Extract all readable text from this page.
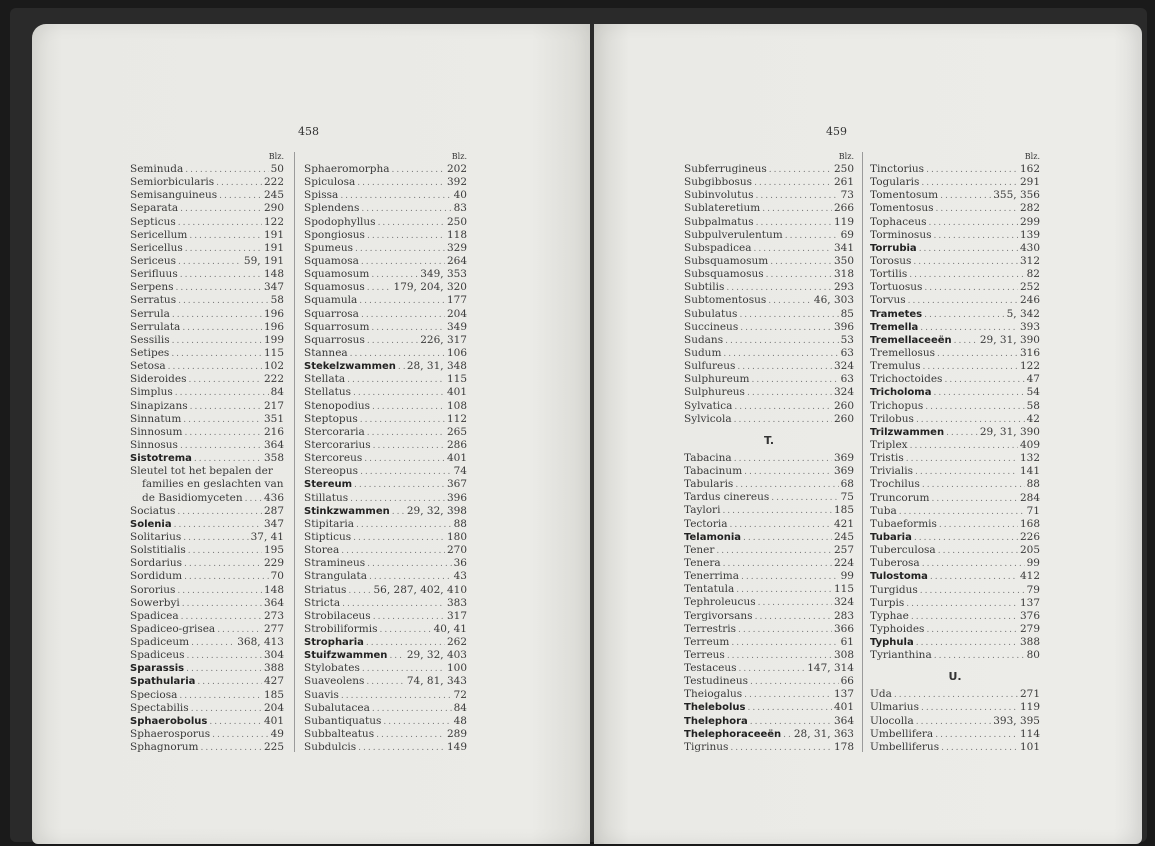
458
Blz.
Seminuda .....	50
Semiorbicularis .....	222
Semisanguineus .....	245
Separata .....	290
Septicus .....	122
Sericellum .....	191
Sericellus .....	191
Sericeus .....	59, 191
Serifluus .....	148
Serpens .....	347
Serratus .....	58
Serrula .....	196
Serrulata .....	196
Sessilis .....	199
Setipes .....	115
Setosa .....	102
Sideroides .....	222
Simplus .....	84
Sinapizans .....	217
Sinnatum .....	351
Sinnosum .....	216
Sinnosus .....	364
Sistotrema .....	358
Sleutel tot het bepalen der
families en geslachten van
de Basidiomyceten ..... 436
Sociatus .....	287
Solenia .....	347
Solitarius .....	37, 41
Solstitialis .....	195
Sordarius .....	229
Sordidum .....	70
Sororius .....	148
Sowerbyi .....	364
Spadicea .....	273
Spadiceo-grisea .....	277
Spadiceum .....	368, 413
Spadiceus .....	304
Sparassis .....	388
Spathularia .....	427
Speciosa .....	185
Spectabilis .....	204
Sphaerobolus .....	401
Sphaerosporus .....	49
Sphagnorum .....	225
Blz.
Sphaeromorpha .....	202
Spiculosa .....	392
Spissa .....	40
Splendens .....	83
Spodophyllus .....	250
Spongiosus .....	118
Spumeus .....	329
Squamosa .....	264
Squamosum .....	349, 353
Squamosus .....	179, 204, 320
Squamula .....	177
Squarrosa .....	204
Squarrosum .....	349
Squarrosus .....	226, 317
Stannea .....	106
Stekelzwammen ..... 28, 31, 348
Stellata .....	115
Stellatus .....	401
Stenopodius .....	108
Steptopus .....	112
Stercoraria .....	265
Stercorarius .....	286
Stercoreus .....	401
Stereopus .....	74
Stereum .....	367
Stillatus .....	396
Stinkzwammen ..... 29, 32, 398
Stipitaria .....	88
Stipticus .....	180
Storea .....	270
Stramineus .....	36
Strangulata .....	43
Striatus .....	56, 287, 402, 410
Stricta .....	383
Strobilaceus .....	317
Strobiliformis .....	40, 41
Stropharia .....	262
Stuifzwammen ..... 29, 32, 403
Stylobates .....	100
Suaveolens .....	74, 81, 343
Suavis .....	72
Subalutacea .....	84
Subantiquatus .....	48
Subbalteatus .....	289
Subdulcis .....	149
459
Blz.
Subferrugineus .....	250
Subgibbosus .....	261
Subinvolutus .....	73
Sublateretium .....	266
Subpalmatus .....	119
Subpulverulentum .....	69
Subspadicea .....	341
Subsquamosum .....	350
Subsquamosus .....	318
Subtilis .....	293
Subtomentosus .....	46, 303
Subulatus .....	85
Succineus .....	396
Sudans .....	53
Sudum .....	63
Sulfureus .....	324
Sulphureum .....	63
Sulphureus .....	324
Sylvatica .....	260
Sylvicola .....	260
T.
Tabacina .....	369
Tabacinum .....	369
Tabularis .....	68
Tardus cinereus .....	75
Taylori .....	185
Tectoria .....	421
Telamonia .....	245
Tener .....	257
Tenera .....	224
Tenerrima .....	99
Tentatula .....	115
Tephroleucus .....	324
Tergivorsans .....	283
Terrestris .....	366
Terreum .....	61
Terreus .....	308
Testaceus .....	147, 314
Testudineus .....	66
Theiogalus .....	137
Thelebolus .....	401
Thelephora .....	364
Thelephoraceeën ..... 28, 31, 363
Tigrinus .....	178
Blz.
Tinctorius .....	162
Togularis .....	291
Tomentosum .....	355, 356
Tomentosus .....	282
Tophaceus .....	299
Torminosus .....	139
Torrubia .....	430
Torosus .....	312
Tortilis .....	82
Tortuosus .....	252
Torvus .....	246
Trametes .....	5, 342
Tremella .....	393
Tremellaceeën .....	29, 31, 390
Tremellosus .....	316
Tremulus .....	122
Trichoctoides .....	47
Tricholoma .....	54
Trichopus .....	58
Trilobus .....	42
Trilzwammen .....	29, 31, 390
Triplex .....	409
Tristis .....	132
Trivialis .....	141
Trochilus .....	88
Truncorum .....	284
Tuba .....	71
Tubaeformis .....	168
Tubaria .....	226
Tuberculosa .....	205
Tuberosa .....	99
Tulostoma .....	412
Turgidus .....	79
Turpis .....	137
Typhae .....	376
Typhoides .....	279
Typhula .....	388
Tyrianthina .....	80
U.
Uda .....	271
Ulmarius .....	119
Ulocolla .....	393, 395
Umbellifera .....	114
Umbelliferus .....	101
